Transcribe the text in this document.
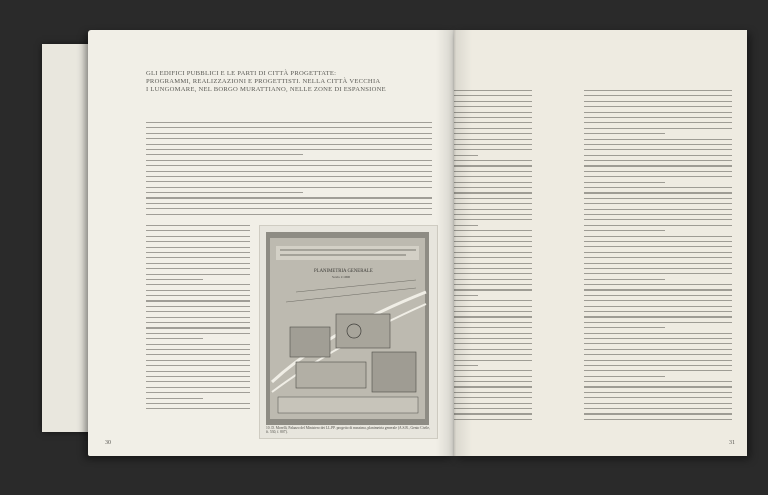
GLI EDIFICI PUBBLICI E LE PARTI DI CITTÀ PROGETTATE:
PROGRAMMI, REALIZZAZIONI E PROGETTISTI. NELLA CITTÀ VECCHIA
I LUNGOMARE, NEL BORGO MURATTIANO, NELLE ZONE DI ESPANSIONE
PLANIMETRIA GENERALE
Scala 1:1000
10. D. Morelli, Palazzo del Ministero dei LL.PP. progetto di massima, planimetria generale (A.S.B., Genio Civile, ft. 530, f. 807).
30	31
